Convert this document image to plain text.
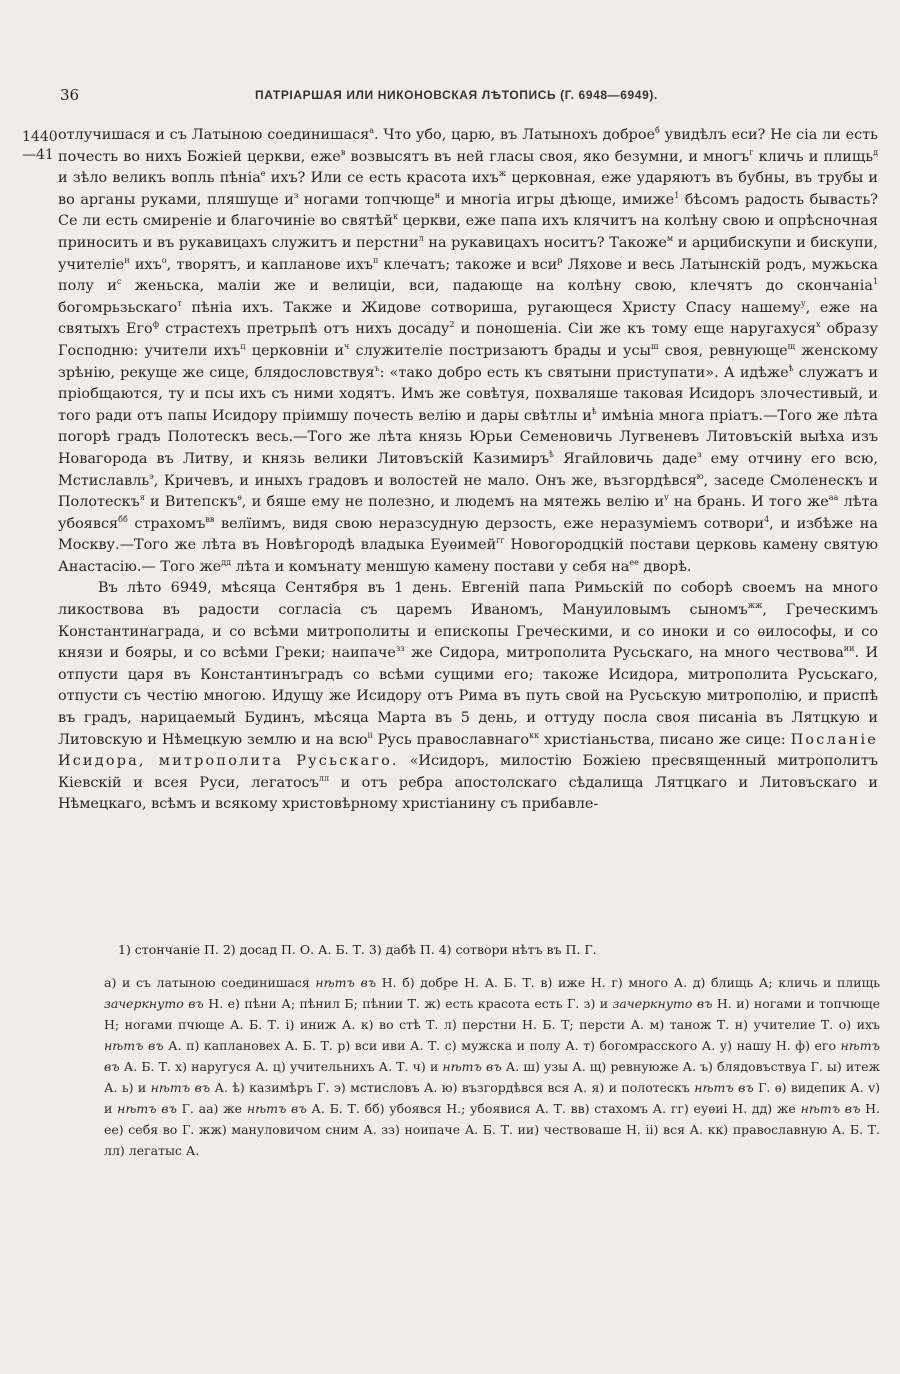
36	ПАТРІАРШАЯ ИЛИ НИКОНОВСКАЯ ЛѢТОПИСЬ (Г. 6948—6949).
1440
—41

отлучишася и съ Латыною соединишася$^а$. Что убо, царю, въ Латынохъ доброе$^б$ увидѣлъ еси? Не сіа ли есть почесть во нихъ Божіей церкви, еже$^в$ возвысятъ въ ней гласы своя, яко безумни, и многъ$^г$ кличь и плищь$^д$ и зѣло великъ вопль пѣніа$^е$ ихъ? Или се есть красота ихъ$^ж$ церковная, еже ударяютъ въ бубны, въ трубы и во арганы руками, пляшуще $и^з$ ногами топчюще$^н$ и многіа игры дѣюще, имиже$^1$ бѣсомъ радость бывасть? Се ли есть смиреніе и благочиніе во святѣй$^к$ церкви, еже папа ихъ клячитъ на колѣну свою и опрѣсночная приносить и въ рукавицахъ служитъ и перстни$^л$ на рукавицахъ носитъ? Такоже$^м$ и арцибискупи и бискупи, учителіе$^н$ ихъ$^о$, творятъ, и каплановe ихъ$^п$ клечатъ; такоже и вси$^р$ Ляхове и весь Латынскій родъ, мужьска полу $и^с$ женьска, маліи же и велиціи, вси, падающе на колѣну свою, клечятъ до скончаніа$^1$ богомрьзьскаго$^т$ пѣніа ихъ. Также и Жидове сотвориша, ругающеся Христу Спасу нашему$^у$, еже на святыхъ Его$^ф$ страстехъ претрьпѣ отъ нихъ досаду$^2$ и поношеніа. Сіи же къ тому еще наругахуся$^х$ образу Господню: учители ихъ$^ц$ церковніи $и^ч$ служителіе постризаютъ брады и усы$^ш$ своя, ревнующе$^щ$ женскому зрѣнію, рекуще же сице, блядословствуя$^ъ$: «тако добро есть къ святыни приступати». А идѣже$^ѣ$ служатъ и пріобщаются, ту и псы ихъ съ ними ходятъ. Имъ же совѣтуя, похваляше таковая Исидоръ злочестивый, и того ради отъ папы Исидору пріимшу почесть велію и дары свѣтлы $и^ѣ$ имѣніа многа пріатъ.—Того же лѣта погорѣ градъ Полотескъ весь.—Того же лѣта князь Юрьи Семеновичь Лугвеневъ Литовъскій выѣха изъ Новагорода въ Литву, и князь велики Литовъскій Казимиръ$^ѣ$ Ягайловичь даде$^з$ ему отчину его всю, Мстиславль$^э$, Кричевъ, и иныхъ градовъ и волостей не мало. Онъ же, възгордѣвся$^ю$, заседе Смоленескъ и Полотескъ$^я$ и Витепскъ$^ѳ$, и бяше ему не полезно, и людемъ на мятежь велію $и^v$ на брань. И того $же^{аа}$ лѣта убоявся$^{бб}$ страхомъ$^{вв}$ велїимъ, видя свою неразсудную дерзость, еже неразуміемъ сотвори$^4$, и избѣже на Москву.—Того же лѣта въ Новѣгородѣ владыка Еуѳимей$^{гг}$ Новогородцкій постави церковь камену святую Анастасію.— Того $же^{дд}$ лѣта и комънату меншую камену постави у себя $на^{ее}$ дворѣ.

Въ лѣто 6949, мѣсяца Сентября въ 1 день. Евгеній папа Римьскій по соборѣ своемъ на много ликоствова въ радости согласіа съ царемъ Иваномъ, Мануиловымъ сыномъ$^{жж}$, Греческимъ Константинаграда, и со всѣми митрополиты и епископы Греческими, и со иноки и со ѳилософы, и со князи и бояры, и со всѣми Греки; наипаче$^{зз}$ же Сидора, митрополита Русьскаго, на много чествова$^{ии}$. И отпусти царя въ Константинъградъ со всѣми сущими его; такоже Исидора, митрополита Русьскаго, отпусти съ честію многою. Идущу же Исидору отъ Рима въ путь свой на Русьскую митрополію, и приспѣ въ градъ, нарицаемый Будинъ, мѣсяца Марта въ 5 день, и оттуду посла своя писаніа въ Лятцкую и Литовскую и Нѣмецкую землю и на всю$^{іі}$ Русь православнаго$^{кк}$ христіаньства, писано же сице: Посланіе Исидора, митрополита Русьскаго. «Исидоръ, милостію Божіею пресвященный митрополитъ Кіевскій и всея Руси, легатосъ$^{лл}$ и отъ ребра апостолскаго сѣдалища Лятцкаго и Литовъскаго и Нѣмецкаго, всѣмъ и всякому христовѣрному христіанину съ прибавле-

1) стончаніе П. 2) досад П. О. А. Б. Т. 3) дабѣ П. 4) сотвори нѣтъ въ П. Г.
а) и съ латыною соединишася нѣтъ въ Н. б) добре Н. А. Б. Т. в) иже Н. г) много А. д) блищь А; кличь и плищь зачеркнуто въ Н. е) пѣни А; пѣнил Б; пѣнии Т. ж) есть красота есть Г. з) и зачеркнуто въ Н. и) ногами и топчюще Н; ногами пчюще А. Б. Т. і) иниж А. к) во стѣ Т. л) перстни Н. Б. Т; персти А. м) танож Т. н) учителие Т. о) ихъ нѣтъ въ А. п) каплановех А. Б. Т. р) вси иви А. Т. с) мужска и полу А. т) богомрасского А. у) нашу Н. ф) его нѣтъ въ А. Б. Т. х) наругуся А. ц) учительнихъ А. Т. ч) и нѣтъ въ А. ш) узы А. щ) ревнуюже А. ъ) блядовъствуа Г. ы) итеж А. ь) и нѣтъ въ А. ѣ) казимѣръ Г. э) мстисловъ А. ю) възгордѣвся вся А. я) и полотескъ нѣтъ въ Г. ѳ) видепик А. v) и нѣтъ въ Г. аа) же нѣтъ въ А. Б. Т. бб) убоявся Н.; убоявися А. Т. вв) стахомъ А. гг) еуѳиі Н. дд) же нѣтъ въ Н. ее) себя во Г. жж) мануловичом сним А. зз) ноипаче А. Б. Т. ии) чествоваше Н. іі) вся А. кк) православную А. Б. Т. лл) легатыс А.
